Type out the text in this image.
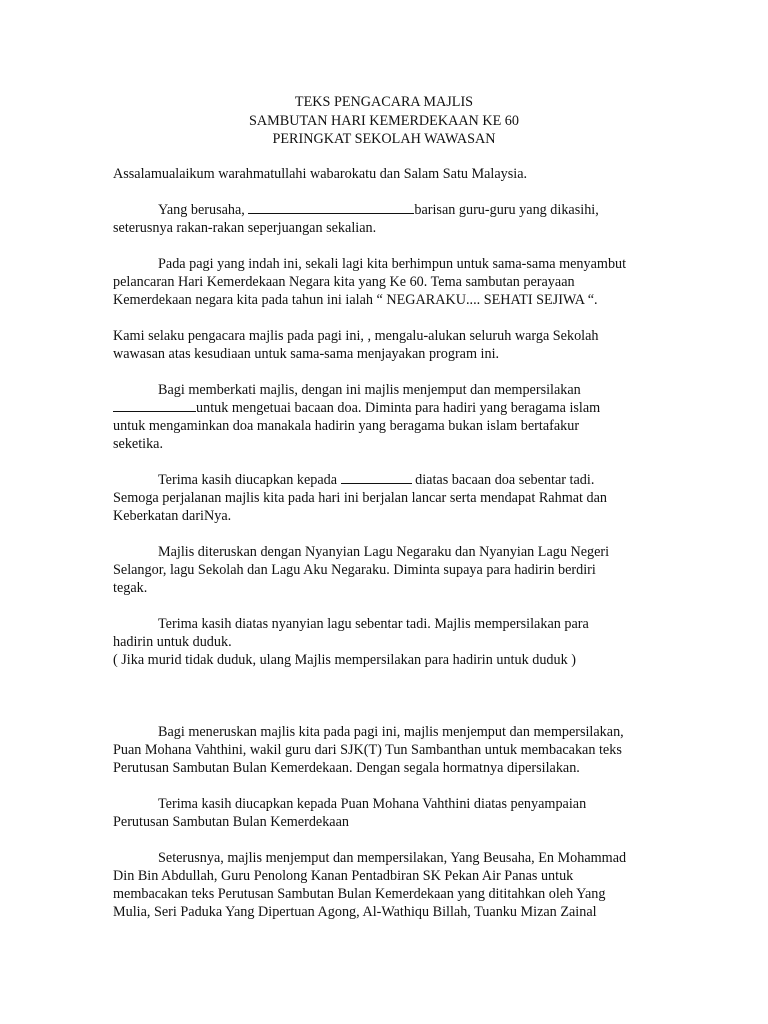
TEKS PENGACARA MAJLIS
SAMBUTAN HARI KEMERDEKAAN KE 60
PERINGKAT SEKOLAH WAWASAN
Assalamualaikum warahmatullahi wabarokatu dan Salam Satu Malaysia.
Yang berusaha,	barisan guru-guru yang dikasihi,
seterusnya rakan-rakan seperjuangan sekalian.
Pada pagi yang indah ini, sekali lagi kita berhimpun untuk sama-sama menyambut
pelancaran Hari Kemerdekaan Negara kita yang Ke 60. Tema sambutan perayaan
Kemerdekaan negara kita pada tahun ini ialah “ NEGARAKU.... SEHATI SEJIWA “.
Kami selaku pengacara majlis pada pagi ini, , mengalu-alukan seluruh warga Sekolah
wawasan atas kesudiaan untuk sama-sama menjayakan program ini.
Bagi memberkati majlis, dengan ini majlis menjemput dan mempersilakan
untuk mengetuai bacaan doa. Diminta para hadiri yang beragama islam
untuk mengaminkan doa manakala hadirin yang beragama bukan islam bertafakur
seketika.
Terima kasih diucapkan kepada	diatas bacaan doa sebentar tadi.
Semoga perjalanan majlis kita pada hari ini berjalan lancar serta mendapat Rahmat dan
Keberkatan dariNya.
Majlis diteruskan dengan Nyanyian Lagu Negaraku dan Nyanyian Lagu Negeri
Selangor, lagu Sekolah dan Lagu Aku Negaraku. Diminta supaya para hadirin berdiri
tegak.
Terima kasih diatas nyanyian lagu sebentar tadi. Majlis mempersilakan para
hadirin untuk duduk.
( Jika murid tidak duduk, ulang Majlis mempersilakan para hadirin untuk duduk )
Bagi meneruskan majlis kita pada pagi ini, majlis menjemput dan mempersilakan,
Puan Mohana Vahthini, wakil guru dari SJK(T) Tun Sambanthan untuk membacakan teks
Perutusan Sambutan Bulan Kemerdekaan. Dengan segala hormatnya dipersilakan.
Terima kasih diucapkan kepada Puan Mohana Vahthini diatas penyampaian
Perutusan Sambutan Bulan Kemerdekaan
Seterusnya, majlis menjemput dan mempersilakan, Yang Beusaha, En Mohammad
Din Bin Abdullah, Guru Penolong Kanan Pentadbiran SK Pekan Air Panas untuk
membacakan teks Perutusan Sambutan Bulan Kemerdekaan yang dititahkan oleh Yang
Mulia, Seri Paduka Yang Dipertuan Agong, Al-Wathiqu Billah, Tuanku Mizan Zainal
